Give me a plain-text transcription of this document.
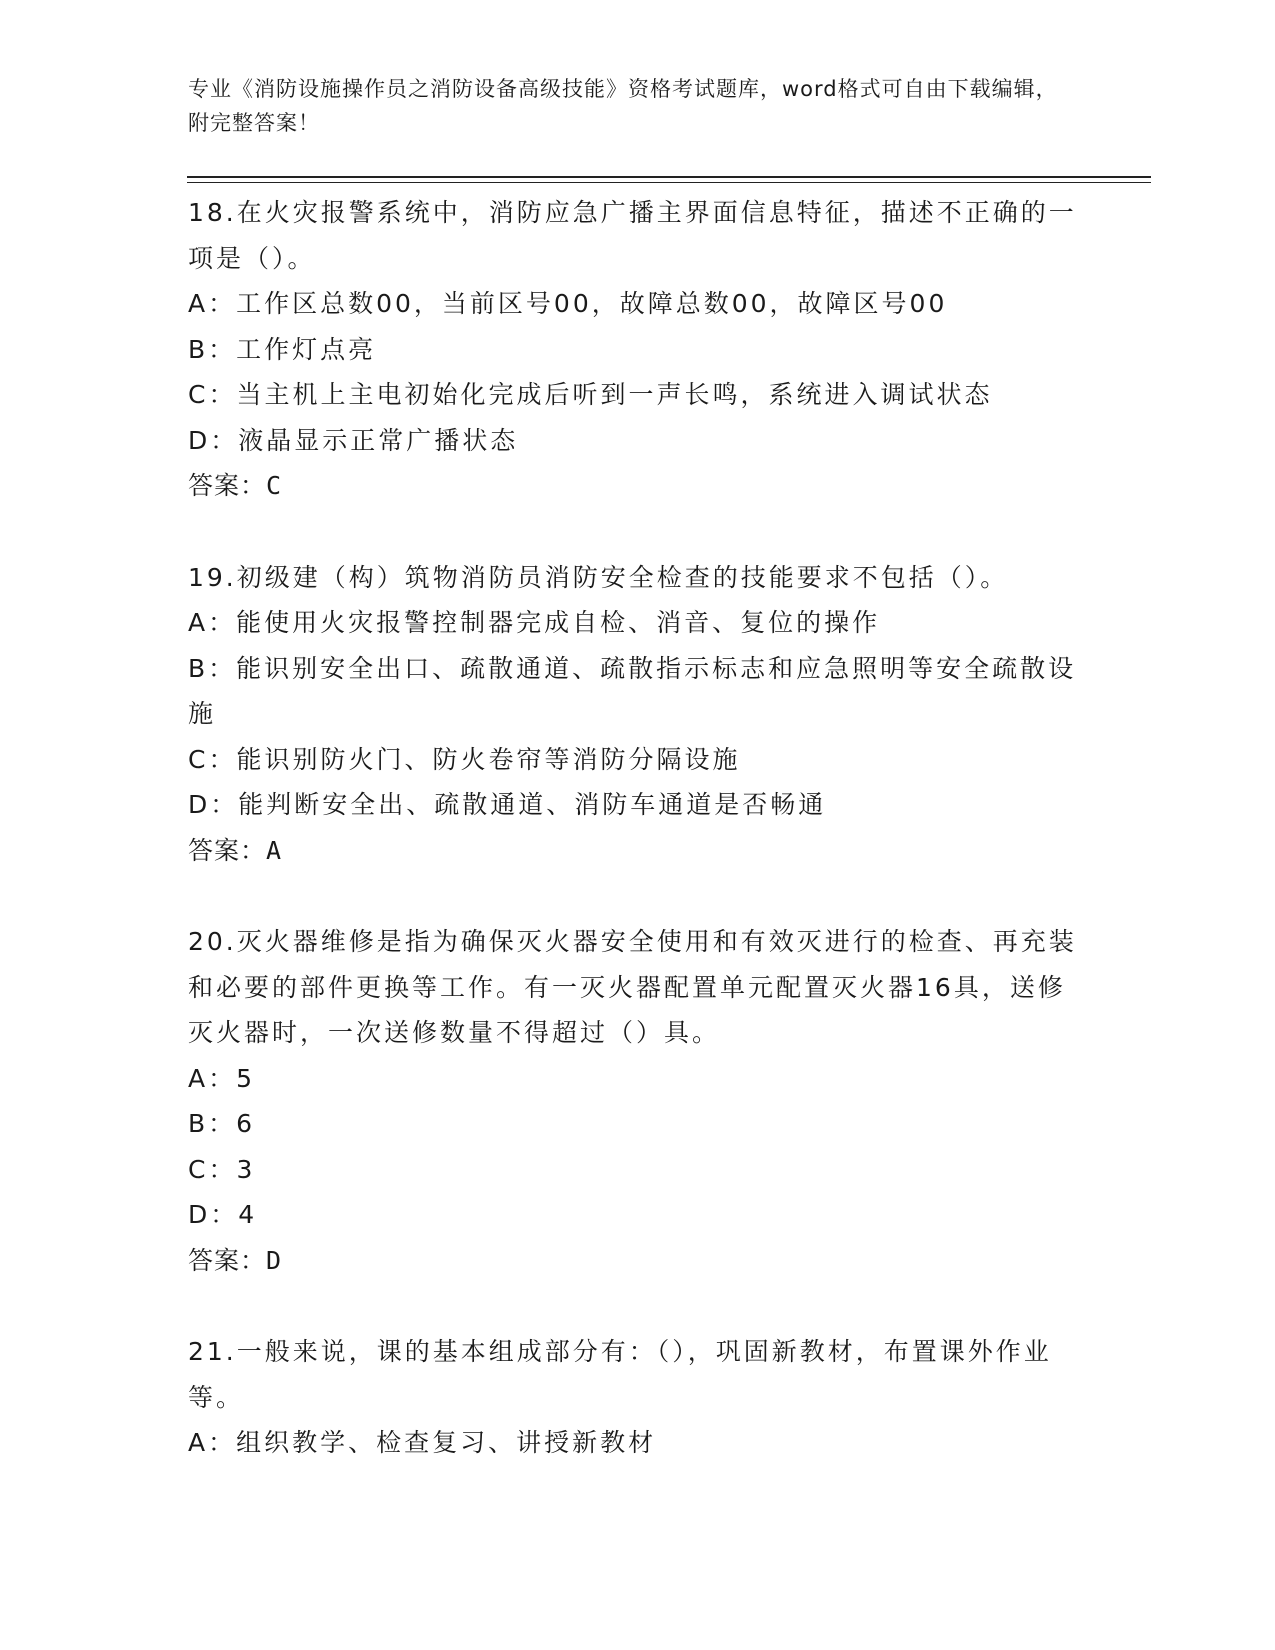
专业《消防设施操作员之消防设备高级技能》资格考试题库，word格式可自由下载编辑，附完整答案！
18.在火灾报警系统中，消防应急广播主界面信息特征，描述不正确的一项是（）。
A：工作区总数00，当前区号00，故障总数00，故障区号00
B：工作灯点亮
C：当主机上主电初始化完成后听到一声长鸣，系统进入调试状态
D：液晶显示正常广播状态
答案：C
19.初级建（构）筑物消防员消防安全检查的技能要求不包括（）。
A：能使用火灾报警控制器完成自检、消音、复位的操作
B：能识别安全出口、疏散通道、疏散指示标志和应急照明等安全疏散设施
C：能识别防火门、防火卷帘等消防分隔设施
D：能判断安全出、疏散通道、消防车通道是否畅通
答案：A
20.灭火器维修是指为确保灭火器安全使用和有效灭进行的检查、再充装和必要的部件更换等工作。有一灭火器配置单元配置灭火器16具，送修灭火器时，一次送修数量不得超过（）具。
A：5
B：6
C：3
D：4
答案：D
21.一般来说，课的基本组成部分有：（），巩固新教材，布置课外作业等。
A：组织教学、检查复习、讲授新教材
